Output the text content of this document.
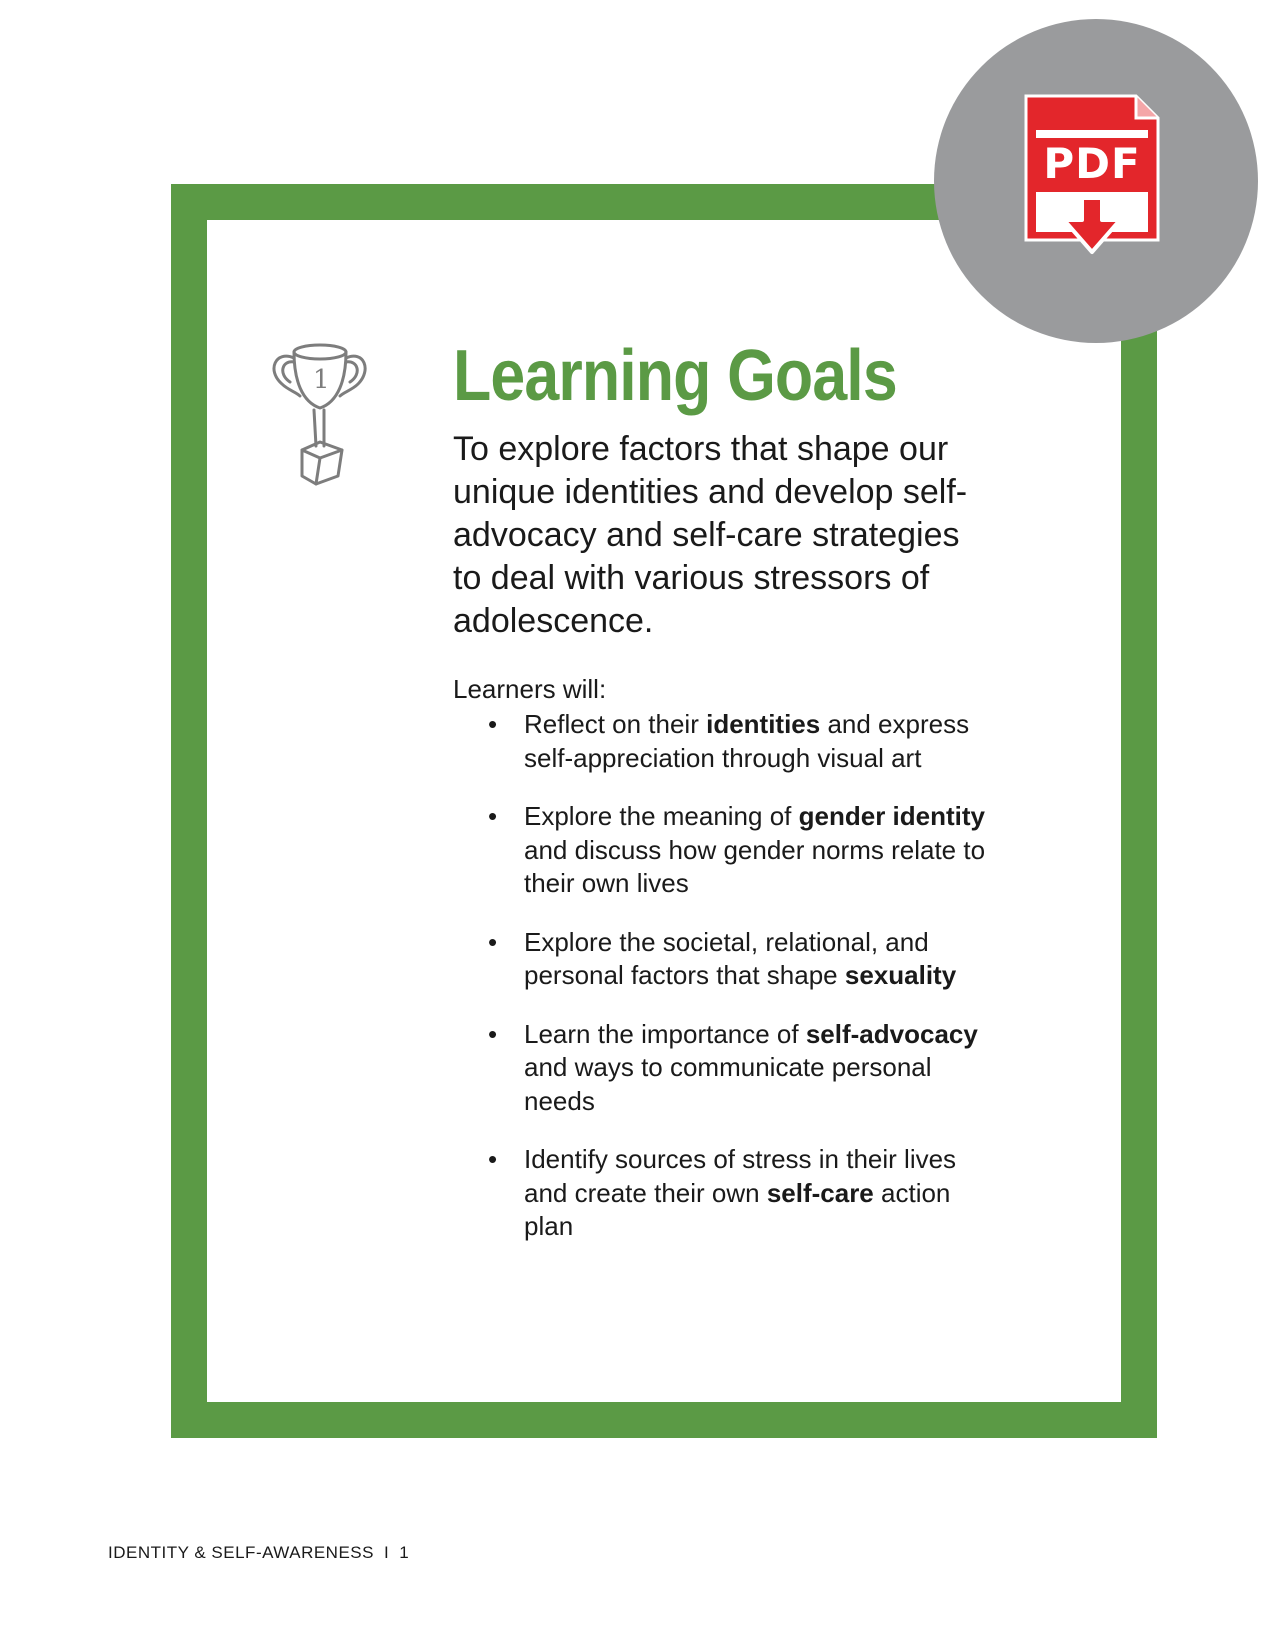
PDF
1 Learning Goals

To explore factors that shape our unique identities and develop self-advocacy and self-care strategies to deal with various stressors of adolescence.

Learners will:

• Reflect on their identities and express self-appreciation through visual art
• Explore the meaning of gender identity and discuss how gender norms relate to their own lives
• Explore the societal, relational, and personal factors that shape sexuality
• Learn the importance of self-advocacy and ways to communicate personal needs
• Identify sources of stress in their lives and create their own self-care action plan
IDENTITY & SELF-AWARENESS I 1
